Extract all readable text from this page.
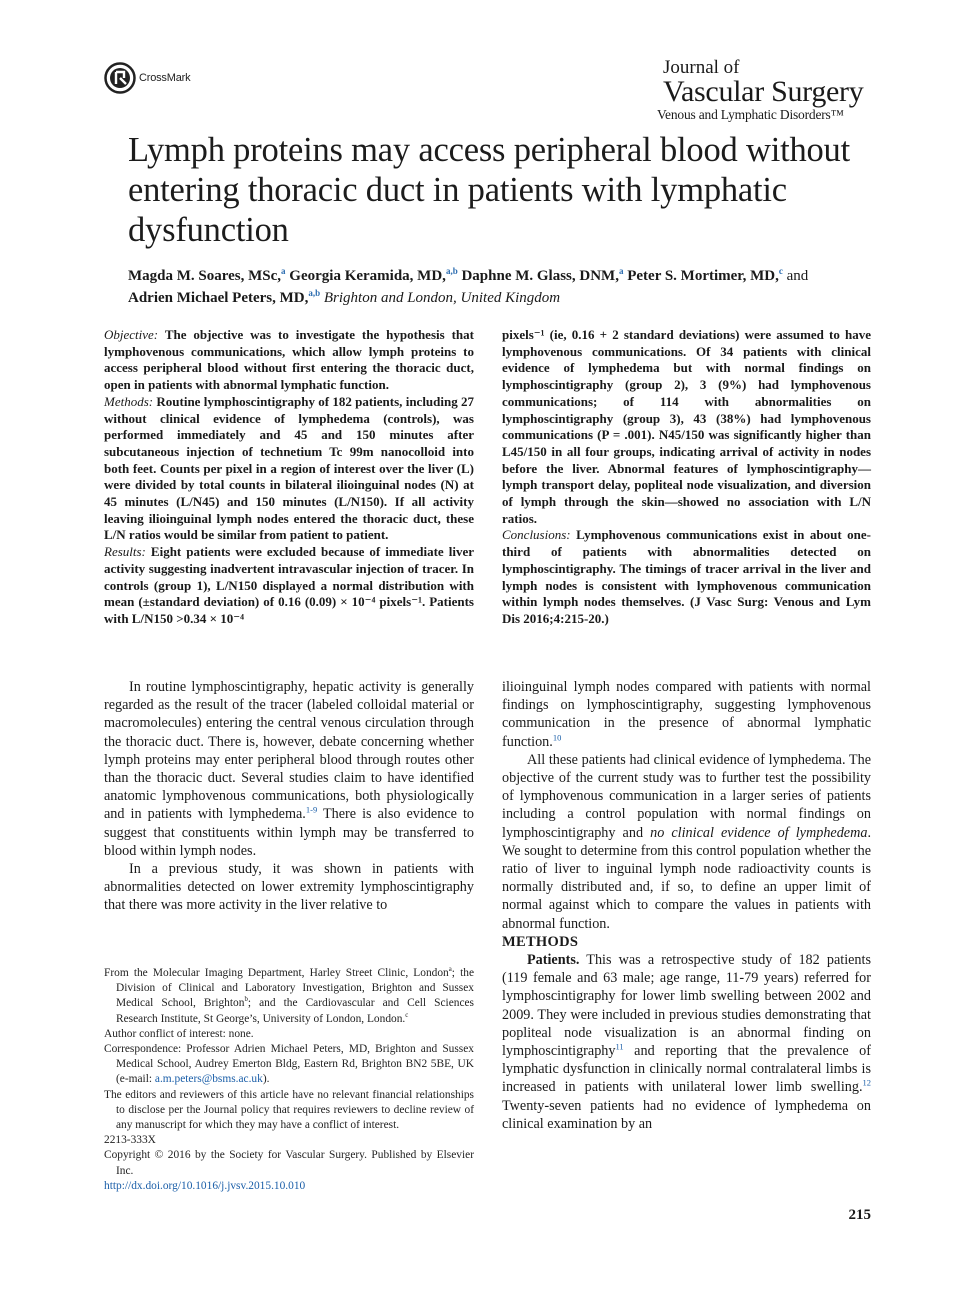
CrossMark	Journal of
Vascular Surgery
Venous and Lymphatic Disorders™
Lymph proteins may access peripheral blood without entering thoracic duct in patients with lymphatic dysfunction
Magda M. Soares, MSc,$^a$ Georgia Keramida, MD,$^{a,b}$ Daphne M. Glass, DNM,$^a$ Peter S. Mortimer, MD,$^c$ and
Adrien Michael Peters, MD,$^{a,b}$ Brighton and London, United Kingdom

Objective: The objective was to investigate the hypothesis that lymphovenous communications, which allow lymph proteins to access peripheral blood without first entering the thoracic duct, open in patients with abnormal lymphatic function.

Methods: Routine lymphoscintigraphy of 182 patients, including 27 without clinical evidence of lymphedema (controls), was performed immediately and 45 and 150 minutes after subcutaneous injection of technetium Tc 99m nanocolloid into both feet. Counts per pixel in a region of interest over the liver (L) were divided by total counts in bilateral ilioinguinal nodes (N) at 45 minutes (L/N45) and 150 minutes (L/N150). If all activity leaving ilioinguinal lymph nodes entered the thoracic duct, these L/N ratios would be similar from patient to patient.

Results: Eight patients were excluded because of immediate liver activity suggesting inadvertent intravascular injection of tracer. In controls (group 1), L/N150 displayed a normal distribution with mean (±standard deviation) of 0.16 (0.09) × 10⁻⁴ pixels⁻¹. Patients with L/N150 >0.34 × 10⁻⁴

pixels⁻¹ (ie, 0.16 + 2 standard deviations) were assumed to have lymphovenous communications. Of 34 patients with clinical evidence of lymphedema but with normal findings on lymphoscintigraphy (group 2), 3 (9%) had lymphovenous communications; of 114 with abnormalities on lymphoscintigraphy (group 3), 43 (38%) had lymphovenous communications (P = .001). N45/150 was significantly higher than L45/150 in all four groups, indicating arrival of activity in nodes before the liver. Abnormal features of lymphoscintigraphy—lymph transport delay, popliteal node visualization, and diversion of lymph through the skin—showed no association with L/N ratios.

Conclusions: Lymphovenous communications exist in about one-third of patients with abnormalities detected on lymphoscintigraphy. The timings of tracer arrival in the liver and lymph nodes is consistent with lymphovenous communication within lymph nodes themselves. (J Vasc Surg: Venous and Lym Dis 2016;4:215-20.)

In routine lymphoscintigraphy, hepatic activity is generally regarded as the result of the tracer (labeled colloidal material or macromolecules) entering the central venous circulation through the thoracic duct. There is, however, debate concerning whether lymph proteins may enter peripheral blood through routes other than the thoracic duct. Several studies claim to have identified anatomic lymphovenous communications, both physiologically and in patients with lymphedema.$^{1-9}$ There is also evidence to suggest that constituents within lymph may be transferred to blood within lymph nodes.

In a previous study, it was shown in patients with abnormalities detected on lower extremity lymphoscintigraphy that there was more activity in the liver relative to

ilioinguinal lymph nodes compared with patients with normal findings on lymphoscintigraphy, suggesting lymphovenous communication in the presence of abnormal lymphatic function.$^{10}$

All these patients had clinical evidence of lymphedema. The objective of the current study was to further test the possibility of lymphovenous communication in a larger series of patients including a control population with normal findings on lymphoscintigraphy and no clinical evidence of lymphedema. We sought to determine from this control population whether the ratio of liver to inguinal lymph node radioactivity counts is normally distributed and, if so, to define an upper limit of normal against which to compare the values in patients with abnormal function.

METHODS

Patients. This was a retrospective study of 182 patients (119 female and 63 male; age range, 11-79 years) referred for lymphoscintigraphy for lower limb swelling between 2002 and 2009. They were included in previous studies demonstrating that popliteal node visualization is an abnormal finding on lymphoscintigraphy$^{11}$ and reporting that the prevalence of lymphatic dysfunction in clinically normal contralateral limbs is increased in patients with unilateral lower limb swelling.$^{12}$ Twenty-seven patients had no evidence of lymphedema on clinical examination by an

From the Molecular Imaging Department, Harley Street Clinic, London$^a$; the Division of Clinical and Laboratory Investigation, Brighton and Sussex Medical School, Brighton$^b$; and the Cardiovascular and Cell Sciences Research Institute, St George’s, University of London, London.$^c$

Author conflict of interest: none.

Correspondence: Professor Adrien Michael Peters, MD, Brighton and Sussex Medical School, Audrey Emerton Bldg, Eastern Rd, Brighton BN2 5BE, UK (e-mail: a.m.peters@bsms.ac.uk).

The editors and reviewers of this article have no relevant financial relationships to disclose per the Journal policy that requires reviewers to decline review of any manuscript for which they may have a conflict of interest.

2213-333X

Copyright © 2016 by the Society for Vascular Surgery. Published by Elsevier Inc.

http://dx.doi.org/10.1016/j.jvsv.2015.10.010

215
